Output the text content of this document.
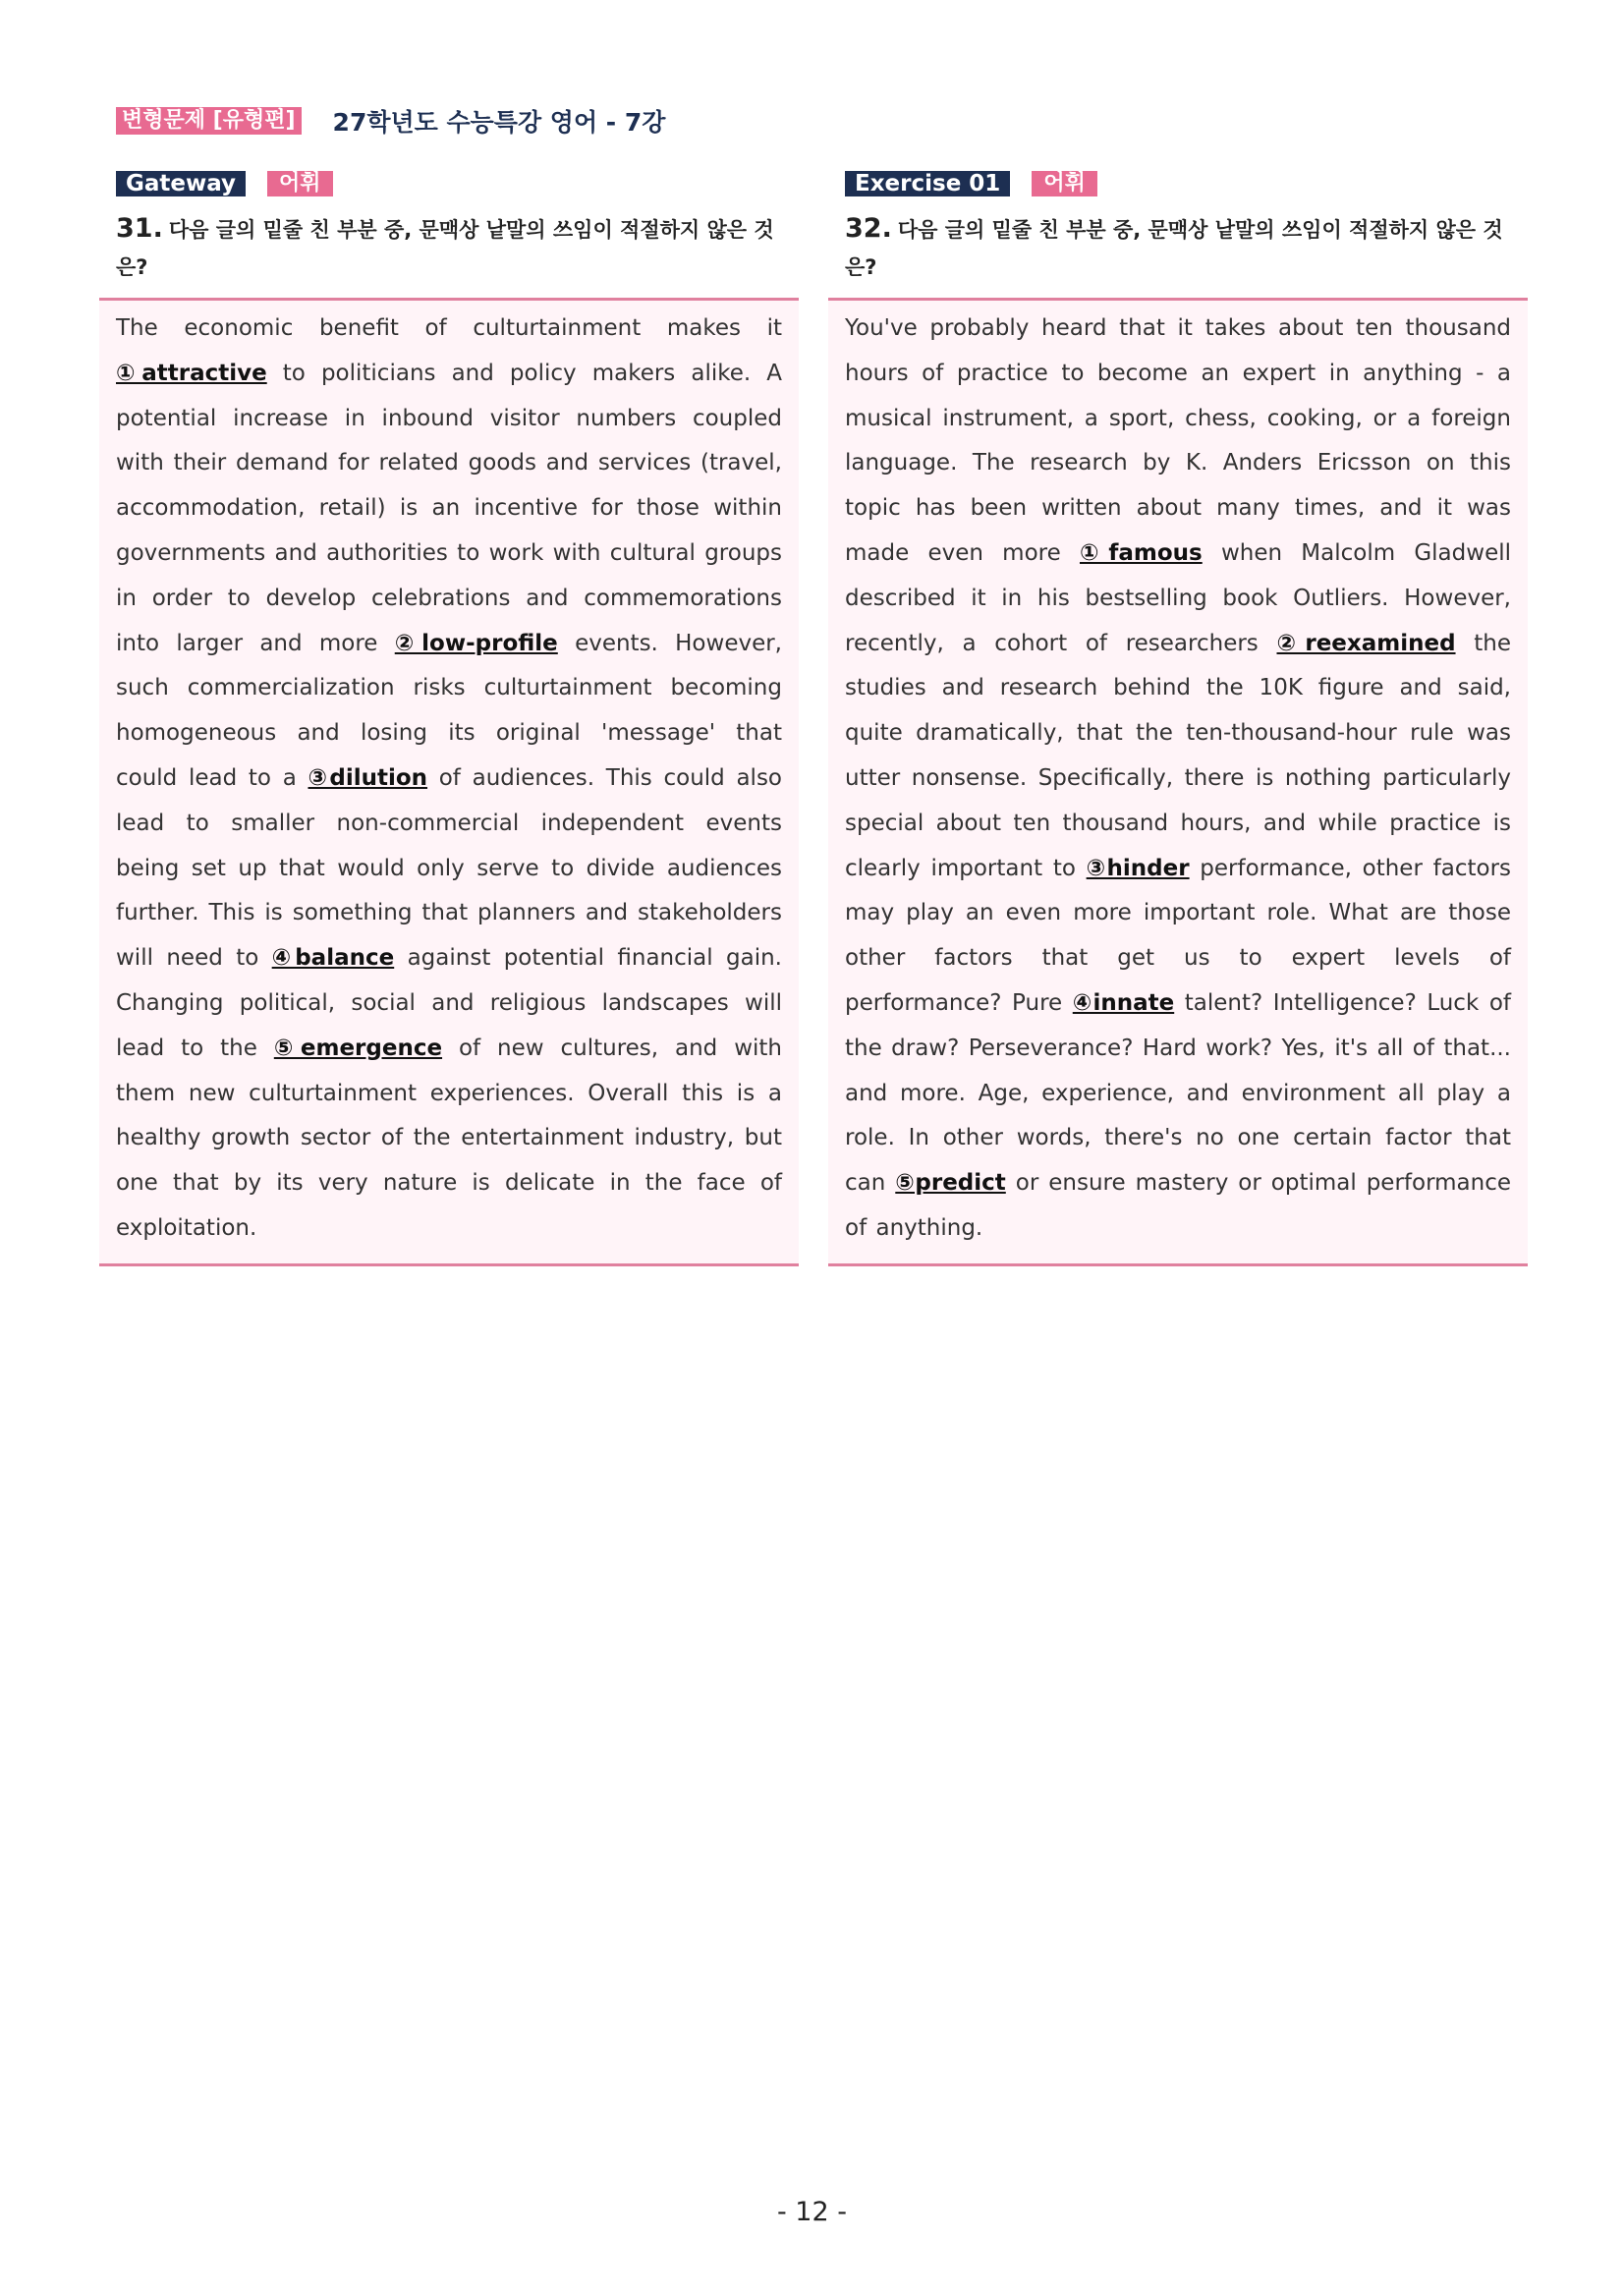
변형문제 [유형편] 27학년도 수능특강 영어 - 7강
Gateway	어휘
31. 다음 글의 밑줄 친 부분 중, 문맥상 낱말의 쓰임이 적절하지 않은 것은?

The economic benefit of culturtainment makes it ①attractive to politicians and policy makers alike. A potential increase in inbound visitor numbers coupled with their demand for related goods and services (travel, accommodation, retail) is an incentive for those within governments and authorities to work with cultural groups in order to develop celebrations and commemorations into larger and more ②low-profile events. However, such commercialization risks culturtainment becoming homogeneous and losing its original 'message' that could lead to a ③dilution of audiences. This could also lead to smaller non-commercial independent events being set up that would only serve to divide audiences further. This is something that planners and stakeholders will need to ④balance against potential financial gain. Changing political, social and religious landscapes will lead to the ⑤emergence of new cultures, and with them new culturtainment experiences. Overall this is a healthy growth sector of the entertainment industry, but one that by its very nature is delicate in the face of exploitation.

Exercise 01	어휘
32. 다음 글의 밑줄 친 부분 중, 문맥상 낱말의 쓰임이 적절하지 않은 것은?

You've probably heard that it takes about ten thousand hours of practice to become an expert in anything - a musical instrument, a sport, chess, cooking, or a foreign language. The research by K. Anders Ericsson on this topic has been written about many times, and it was made even more ①famous when Malcolm Gladwell described it in his bestselling book Outliers. However, recently, a cohort of researchers ②reexamined the studies and research behind the 10K figure and said, quite dramatically, that the ten-thousand-hour rule was utter nonsense. Specifically, there is nothing particularly special about ten thousand hours, and while practice is clearly important to ③hinder performance, other factors may play an even more important role. What are those other factors that get us to expert levels of performance? Pure ④innate talent? Intelligence? Luck of the draw? Perseverance? Hard work? Yes, it's all of that... and more. Age, experience, and environment all play a role. In other words, there's no one certain factor that can ⑤predict or ensure mastery or optimal performance of anything.

- 12 -
